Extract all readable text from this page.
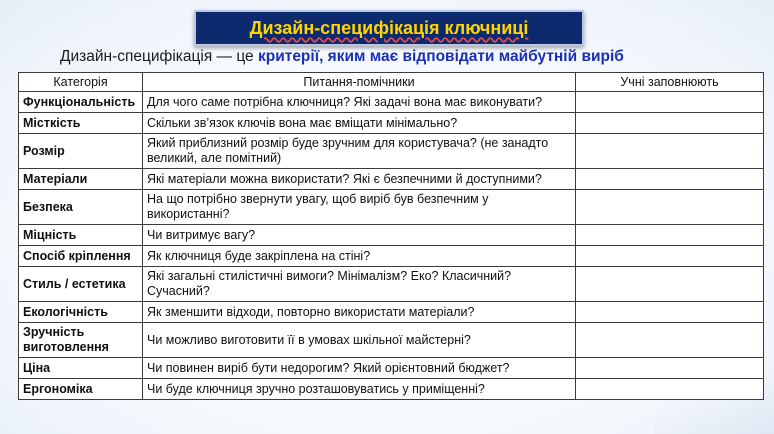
Дизайн-специфікація ключниці
Дизайн-специфікація — це критерії, яким має відповідати майбутній виріб
Категорія	Питання-помічники	Учні заповнюють
Функціональність	Для чого саме потрібна ключниця? Які задачі вона має виконувати?	
Місткість	Скільки зв’язок ключів вона має вміщати мінімально?	
Розмір	Який приблизний розмір буде зручним для користувача? (не занадто великий, але помітний)	
Матеріали	Які матеріали можна використати? Які є безпечними й доступними?	
Безпека	На що потрібно звернути увагу, щоб виріб був безпечним у використанні?	
Міцність	Чи витримує вагу?	
Спосіб кріплення	Як ключниця буде закріплена на стіні?	
Стиль / естетика	Які загальні стилістичні вимоги? Мінімалізм? Еко? Класичний? Сучасний?	
Екологічність	Як зменшити відходи, повторно використати матеріали?	
Зручність виготовлення	Чи можливо виготовити її в умовах шкільної майстерні?	
Ціна	Чи повинен виріб бути недорогим? Який орієнтовний бюджет?	
Ергономіка	Чи буде ключниця зручно розташовуватись у приміщенні?	
